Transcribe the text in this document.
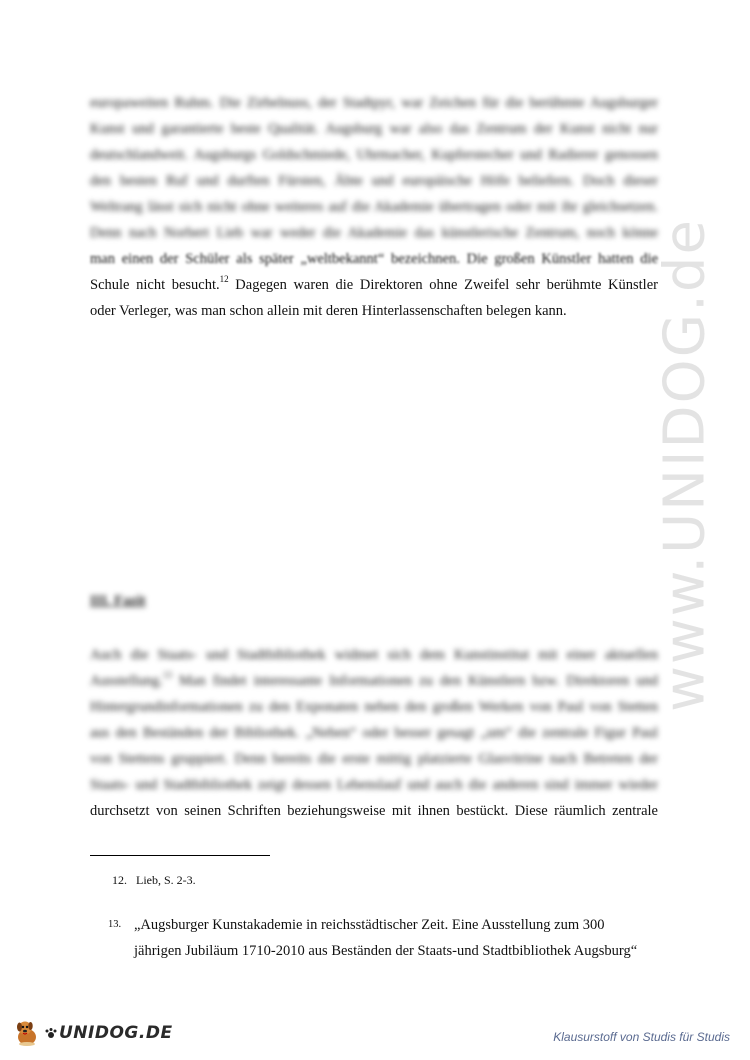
europaweiten Ruhm. Die Zirbelnuss, der Stadtpyr, war Zeichen für die berühmte Augsburger
Kunst und garantierte beste Qualität. Augsburg war also das Zentrum der Kunst nicht nur
deutschlandweit. Augsburgs Goldschmiede, Uhrmacher, Kupferstecher und Radierer genossen
den besten Ruf und durften Fürsten, Äbte und europäische Höfe beliefern. Doch dieser
Weltrang lässt sich nicht ohne weiteres auf die Akademie übertragen oder mit ihr gleichsetzen.
Denn nach Norbert Lieb war weder die Akademie das künstlerische Zentrum, noch könne
man einen der Schüler als später „weltbekannt“ bezeichnen. Die großen Künstler hatten die
Schule nicht besucht.$^{12}$ Dagegen waren die Direktoren ohne Zweifel sehr berühmte Künstler
oder Verleger, was man schon allein mit deren Hinterlassenschaften belegen kann.

III. Fazit

Auch die Staats- und Stadtbibliothek widmet sich dem Kunstinstitut mit einer aktuellen
Ausstellung.$^{13}$ Man findet interessante Informationen zu den Künstlern bzw. Direktoren und
Hintergrundinformationen zu den Exponaten neben den großen Werken von Paul von Stetten
aus den Beständen der Bibliothek. „Neben“ oder besser gesagt „um“ die zentrale Figur Paul
von Stettens gruppiert. Denn bereits die erste mittig platzierte Glasvitrine nach Betreten der
Staats- und Stadtbibliothek zeigt dessen Lebenslauf und auch die anderen sind immer wieder
durchsetzt von seinen Schriften beziehungsweise mit ihnen bestückt. Diese räumlich zentrale
12. Lieb, S. 2-3.
13. „Augsburger Kunstakademie in reichsstädtischer Zeit. Eine Ausstellung zum 300
jährigen Jubiläum 1710-2010 aus Beständen der Staats-und Stadtbibliothek Augsburg“
www.UNIDOG.de
UNIDOG.DE	Klausurstoff von Studis für Studis
